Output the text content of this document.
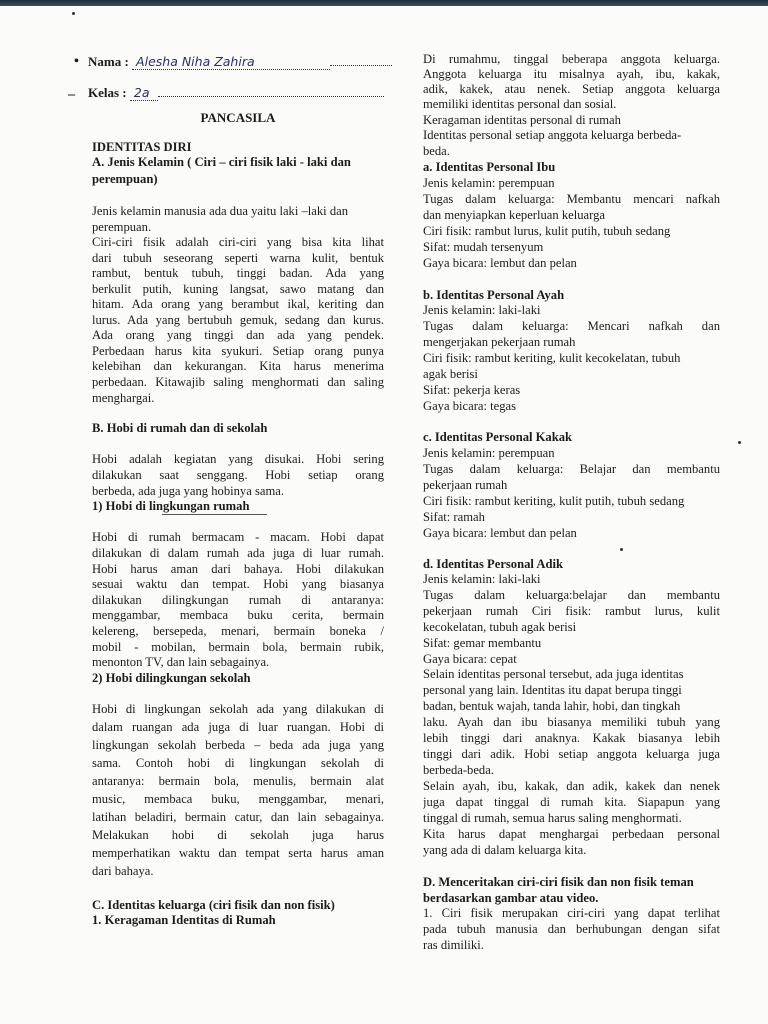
•
–
Nama : Alesha Niha Zahira
Kelas : 2a
PANCASILA
IDENTITAS DIRI
A. Jenis Kelamin ( Ciri – ciri fisik laki - laki dan
perempuan)
Jenis kelamin manusia ada dua yaitu laki –laki dan
perempuan.
Ciri-ciri fisik adalah ciri-ciri yang bisa kita lihat
dari tubuh seseorang seperti warna kulit, bentuk
rambut, bentuk tubuh, tinggi badan. Ada yang
berkulit putih, kuning langsat, sawo matang dan
hitam. Ada orang yang berambut ikal, keriting dan
lurus. Ada yang bertubuh gemuk, sedang dan kurus.
Ada orang yang tinggi dan ada yang pendek.
Perbedaan harus kita syukuri. Setiap orang punya
kelebihan dan kekurangan. Kita harus menerima
perbedaan. Kitawajib saling menghormati dan saling
menghargai.
B. Hobi di rumah dan di sekolah
Hobi adalah kegiatan yang disukai. Hobi sering
dilakukan saat senggang. Hobi setiap orang
berbeda, ada juga yang hobinya sama.
1) Hobi di lingkungan rumah
Hobi di rumah bermacam - macam. Hobi dapat
dilakukan di dalam rumah ada juga di luar rumah.
Hobi harus aman dari bahaya. Hobi dilakukan
sesuai waktu dan tempat. Hobi yang biasanya
dilakukan dilingkungan rumah di antaranya:
menggambar, membaca buku cerita, bermain
kelereng, bersepeda, menari, bermain boneka /
mobil - mobilan, bermain bola, bermain rubik,
menonton TV, dan lain sebagainya.
2) Hobi dilingkungan sekolah
Hobi di lingkungan sekolah ada yang dilakukan di
dalam ruangan ada juga di luar ruangan. Hobi di
lingkungan sekolah berbeda – beda ada juga yang
sama. Contoh hobi di lingkungan sekolah di
antaranya: bermain bola, menulis, bermain alat
music, membaca buku, menggambar, menari,
latihan beladiri, bermain catur, dan lain sebagainya.
Melakukan hobi di sekolah juga harus
memperhatikan waktu dan tempat serta harus aman
dari bahaya.
C. Identitas keluarga (ciri fisik dan non fisik)
1. Keragaman Identitas di Rumah
Di rumahmu, tinggal beberapa anggota keluarga.
Anggota keluarga itu misalnya ayah, ibu, kakak,
adik, kakek, atau nenek. Setiap anggota keluarga
memiliki identitas personal dan sosial.
Keragaman identitas personal di rumah
Identitas personal setiap anggota keluarga berbeda-
beda.
a. Identitas Personal Ibu
Jenis kelamin: perempuan
Tugas dalam keluarga: Membantu mencari nafkah
dan menyiapkan keperluan keluarga
Ciri fisik: rambut lurus, kulit putih, tubuh sedang
Sifat: mudah tersenyum
Gaya bicara: lembut dan pelan
b. Identitas Personal Ayah
Jenis kelamin: laki-laki
Tugas dalam keluarga: Mencari nafkah dan
mengerjakan pekerjaan rumah
Ciri fisik: rambut keriting, kulit kecokelatan, tubuh
agak berisi
Sifat: pekerja keras
Gaya bicara: tegas
c. Identitas Personal Kakak
Jenis kelamin: perempuan
Tugas dalam keluarga: Belajar dan membantu
pekerjaan rumah
Ciri fisik: rambut keriting, kulit putih, tubuh sedang
Sifat: ramah
Gaya bicara: lembut dan pelan
d. Identitas Personal Adik
Jenis kelamin: laki-laki
Tugas dalam keluarga:belajar dan membantu
pekerjaan rumah Ciri fisik: rambut lurus, kulit
kecokelatan, tubuh agak berisi
Sifat: gemar membantu
Gaya bicara: cepat
Selain identitas personal tersebut, ada juga identitas
personal yang lain. Identitas itu dapat berupa tinggi
badan, bentuk wajah, tanda lahir, hobi, dan tingkah
laku. Ayah dan ibu biasanya memiliki tubuh yang
lebih tinggi dari anaknya. Kakak biasanya lebih
tinggi dari adik. Hobi setiap anggota keluarga juga
berbeda-beda.
Selain ayah, ibu, kakak, dan adik, kakek dan nenek
juga dapat tinggal di rumah kita. Siapapun yang
tinggal di rumah, semua harus saling menghormati.
Kita harus dapat menghargai perbedaan personal
yang ada di dalam keluarga kita.
D. Menceritakan ciri-ciri fisik dan non fisik teman
berdasarkan gambar atau video.
1. Ciri fisik merupakan ciri-ciri yang dapat terlihat
pada tubuh manusia dan berhubungan dengan sifat
ras dimiliki.
